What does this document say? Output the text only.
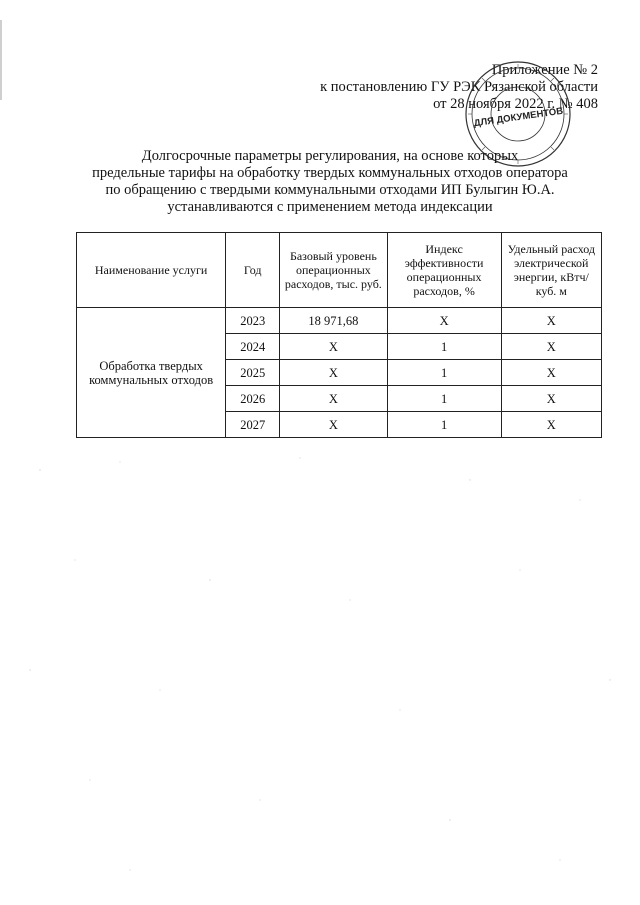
Приложение № 2
к постановлению ГУ РЭК Рязанской области
от 28 ноября 2022 г. № 408
ДЛЯ ДОКУМЕНТОВ
Долгосрочные параметры регулирования, на основе которых
предельные тарифы на обработку твердых коммунальных отходов оператора
по обращению с твердыми коммунальными отходами ИП Булыгин Ю.А.
устанавливаются с применением метода индексации
Наименование услуги	Год	Базовый уровень операционных расходов, тыс. руб.	Индекс эффективности операционных расходов, %	Удельный расход электрической энергии, кВтч/куб. м
Обработка твердых коммунальных отходов	2023	18 971,68	Х	Х
	2024	Х	1	Х
	2025	Х	1	Х
	2026	Х	1	Х
	2027	Х	1	Х
